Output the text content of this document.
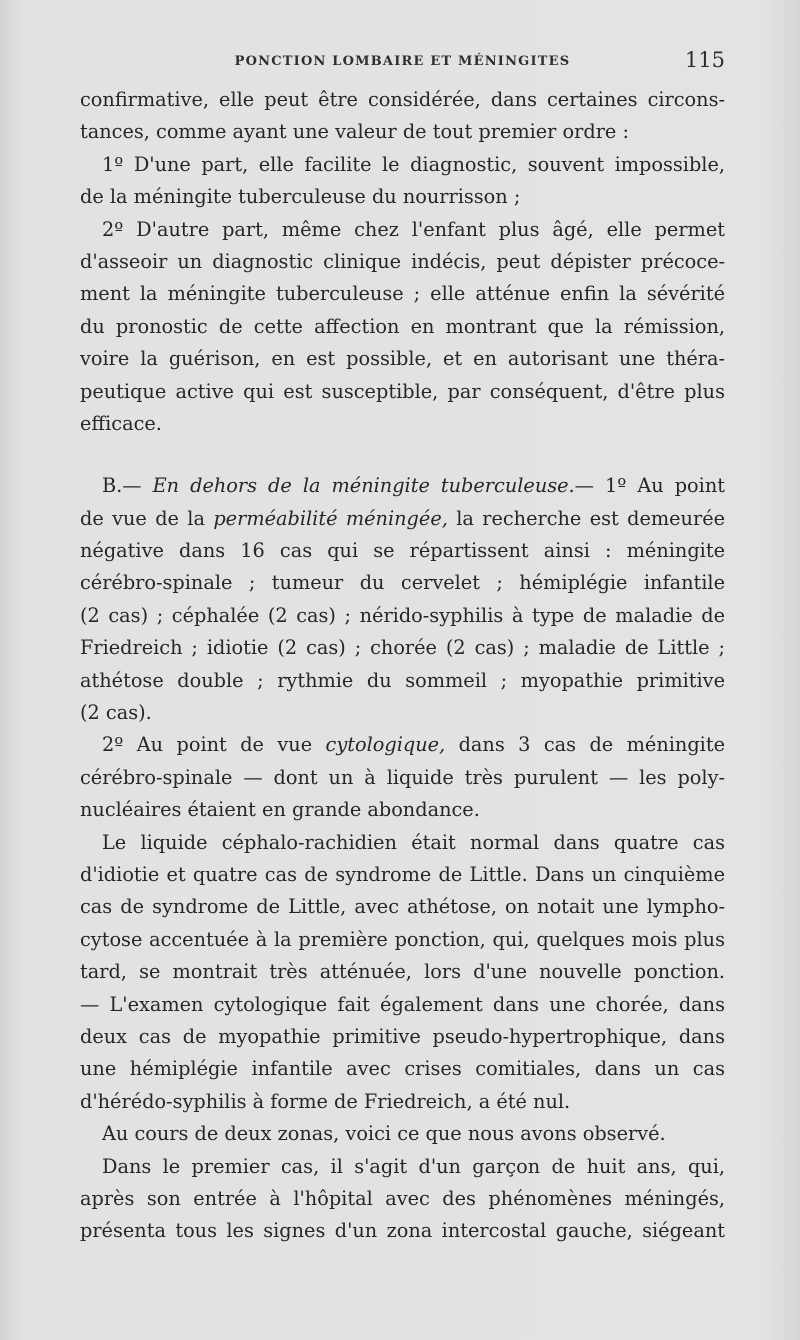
PONCTION LOMBAIRE ET MÉNINGITES	115
confirmative, elle peut être considérée, dans certaines circons-
tances, comme ayant une valeur de tout premier ordre :
1º D'une part, elle facilite le diagnostic, souvent impossible,
de la méningite tuberculeuse du nourrisson ;
2º D'autre part, même chez l'enfant plus âgé, elle permet
d'asseoir un diagnostic clinique indécis, peut dépister précoce-
ment la méningite tuberculeuse ; elle atténue enfin la sévérité
du pronostic de cette affection en montrant que la rémission,
voire la guérison, en est possible, et en autorisant une théra-
peutique active qui est susceptible, par conséquent, d'être plus
efficace.
B.— En dehors de la méningite tuberculeuse.— 1º Au point
de vue de la perméabilité méningée, la recherche est demeurée
négative dans 16 cas qui se répartissent ainsi : méningite
cérébro-spinale ; tumeur du cervelet ; hémiplégie infantile
(2 cas) ; céphalée (2 cas) ; nérido-syphilis à type de maladie de
Friedreich ; idiotie (2 cas) ; chorée (2 cas) ; maladie de Little ;
athétose double ; rythmie du sommeil ; myopathie primitive
(2 cas).
2º Au point de vue cytologique, dans 3 cas de méningite
cérébro-spinale — dont un à liquide très purulent — les poly-
nucléaires étaient en grande abondance.
Le liquide céphalo-rachidien était normal dans quatre cas
d'idiotie et quatre cas de syndrome de Little. Dans un cinquième
cas de syndrome de Little, avec athétose, on notait une lympho-
cytose accentuée à la première ponction, qui, quelques mois plus
tard, se montrait très atténuée, lors d'une nouvelle ponction.
— L'examen cytologique fait également dans une chorée, dans
deux cas de myopathie primitive pseudo-hypertrophique, dans
une hémiplégie infantile avec crises comitiales, dans un cas
d'hérédo-syphilis à forme de Friedreich, a été nul.
Au cours de deux zonas, voici ce que nous avons observé.
Dans le premier cas, il s'agit d'un garçon de huit ans, qui,
après son entrée à l'hôpital avec des phénomènes méningés,
présenta tous les signes d'un zona intercostal gauche, siégeant
